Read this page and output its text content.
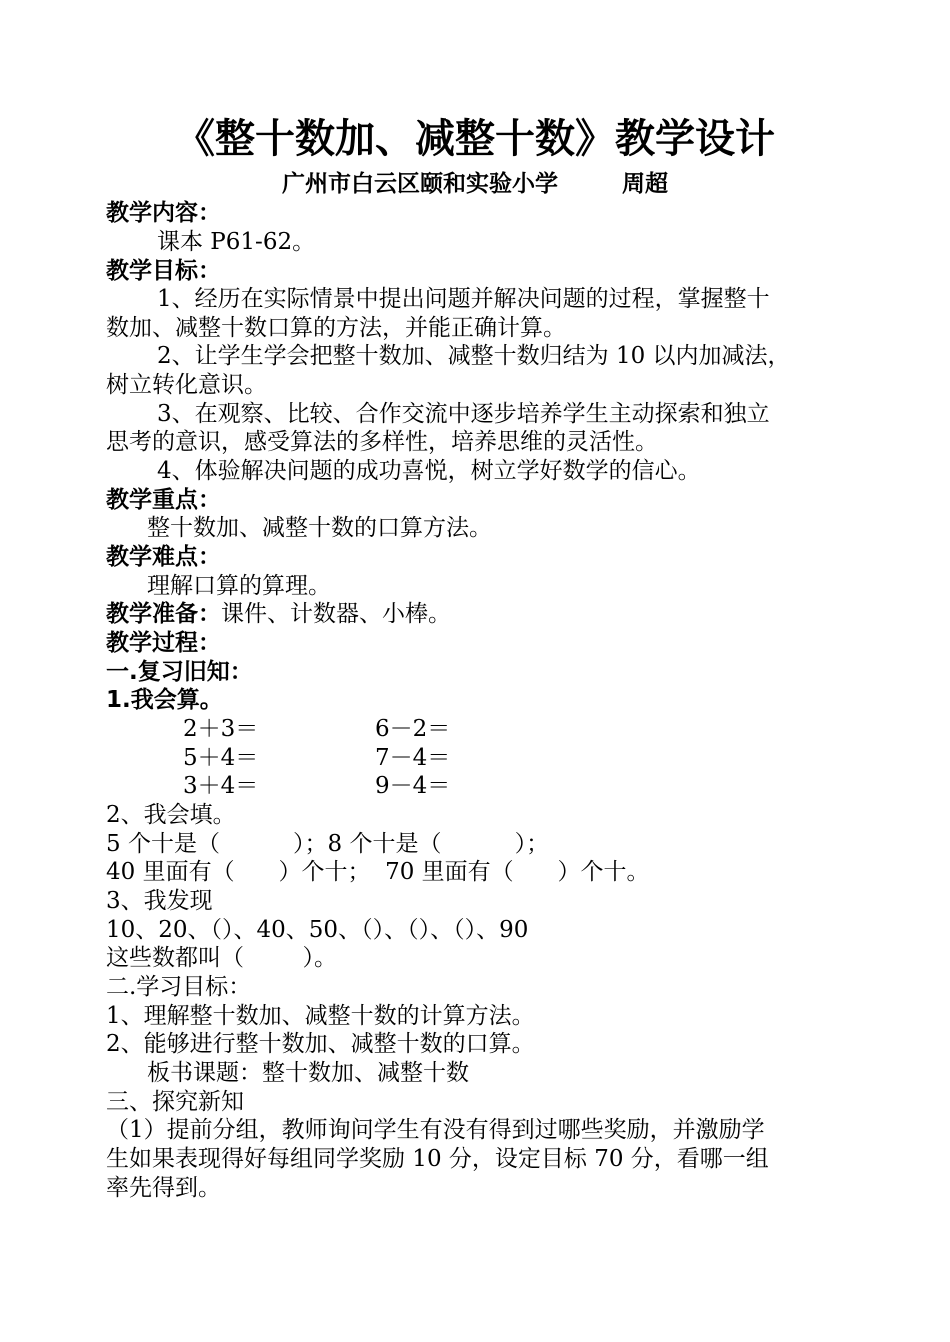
《整十数加、减整十数》教学设计
广州市白云区颐和实验小学	周超
教学内容：
课本 P61-62。
教学目标：
1、经历在实际情景中提出问题并解决问题的过程，掌握整十
数加、减整十数口算的方法，并能正确计算。
2、让学生学会把整十数加、减整十数归结为 10 以内加减法，
树立转化意识。
3、在观察、比较、合作交流中逐步培养学生主动探索和独立
思考的意识，感受算法的多样性，培养思维的灵活性。
4、体验解决问题的成功喜悦，树立学好数学的信心。
教学重点：
整十数加、减整十数的口算方法。
教学难点：
理解口算的算理。
教学准备：课件、计数器、小棒。
教学过程：
一.复习旧知：
1.我会算。
2＋3＝	6－2＝
5＋4＝	7－4＝
3＋4＝	9－4＝
2、我会填。
5 个十是（          ）；8 个十是（          ）；
40 里面有（      ）个十；  70 里面有（      ）个十。
3、我发现
10、20、（）、40、50、（）、（）、（）、90
这些数都叫（        ）。
二.学习目标：
1、理解整十数加、减整十数的计算方法。
2、能够进行整十数加、减整十数的口算。
板书课题：整十数加、减整十数
三、探究新知
（1）提前分组，教师询问学生有没有得到过哪些奖励，并激励学
生如果表现得好每组同学奖励 10 分，设定目标 70 分，看哪一组
率先得到。
